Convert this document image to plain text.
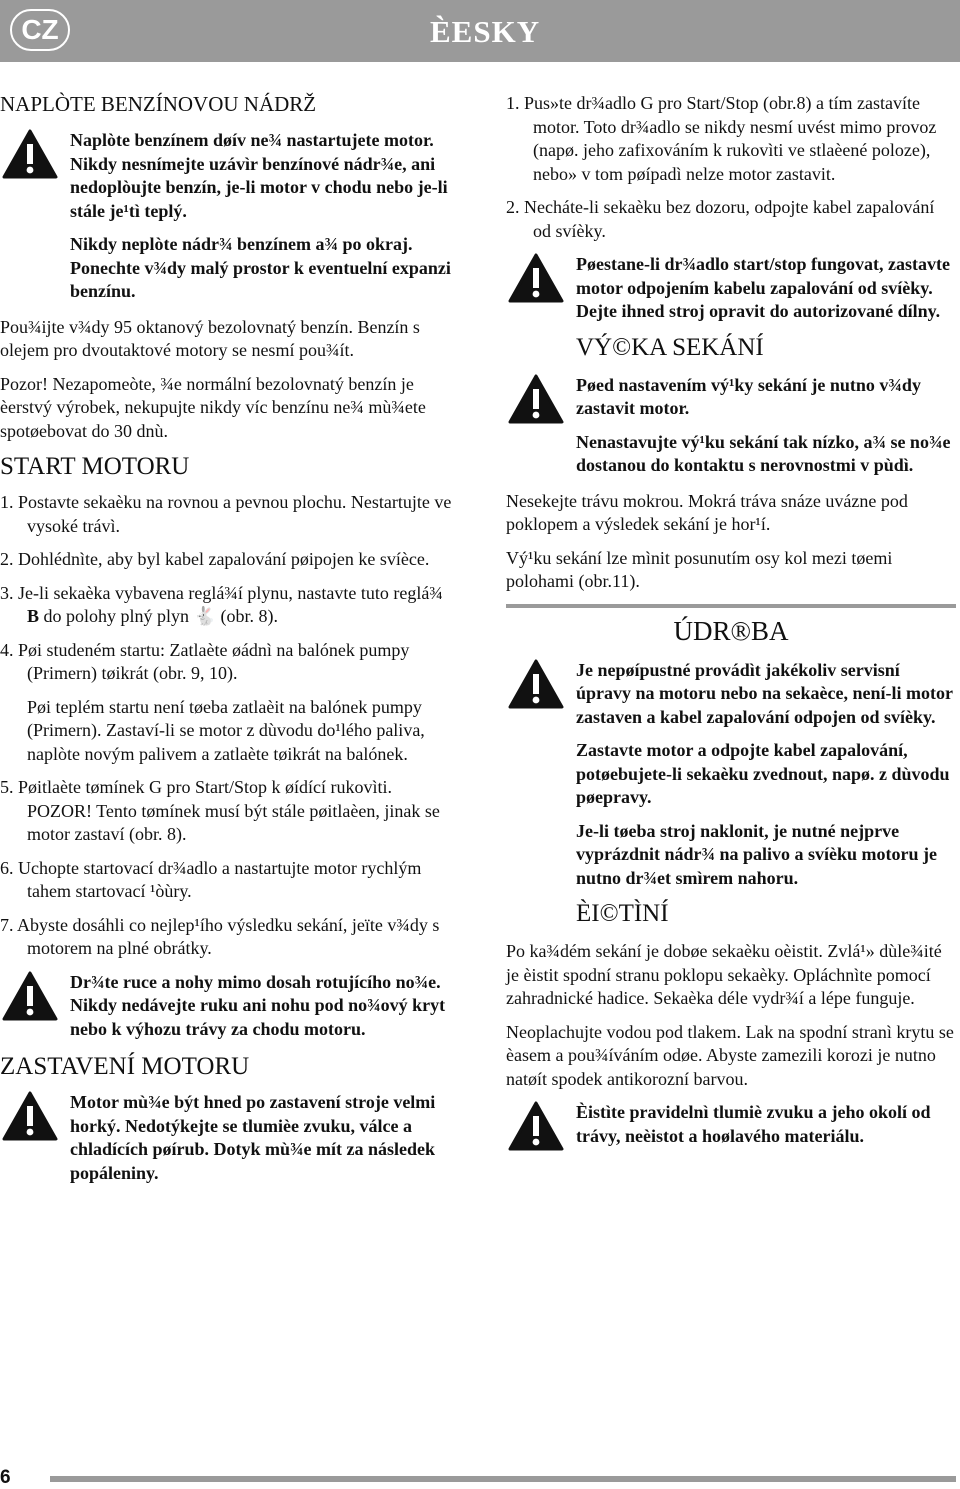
CZ	ÈESKY
NAPLÒTE BENZÍNOVOU NÁDRŽ

Naplòte benzínem døív ne¾ nastartujete motor. Nikdy nesnímejte uzávìr benzínové nádr¾e, ani nedoplòujte benzín, je-li motor v chodu nebo je-li stále je¹tì teplý.

Nikdy neplòte nádr¾ benzínem a¾ po okraj. Ponechte v¾dy malý prostor k eventuelní expanzi benzínu.

Pou¾ijte v¾dy 95 oktanový bezolovnatý benzín. Benzín s olejem pro dvoutaktové motory se nesmí pou¾ít.

Pozor! Nezapomeòte, ¾e normální bezolovnatý benzín je èerstvý výrobek, nekupujte nikdy víc benzínu ne¾ mù¾ete spotøebovat do 30 dnù.

START MOTORU

1. Postavte sekaèku na rovnou a pevnou plochu. Nestartujte ve vysoké trávì.

2. Dohlédnìte, aby byl kabel zapalování pøipojen ke svíèce.

3. Je-li sekaèka vybavena reglá¾í plynu, nastavte tuto reglá¾ B do polohy plný plyn 🐇 (obr. 8).

4. Pøi studeném startu: Zatlaète øádnì na balónek pumpy (Primern) tøikrát (obr. 9, 10).

Pøi teplém startu není tøeba zatlaèit na balónek pumpy (Primern). Zastaví-li se motor z dùvodu do¹lého paliva, naplòte novým palivem a zatlaète tøikrát na balónek.

5. Pøitlaète tømínek G pro Start/Stop k øídící rukovìti. POZOR! Tento tømínek musí být stále pøitlaèen, jinak se motor zastaví (obr. 8).

6. Uchopte startovací dr¾adlo a nastartujte motor rychlým tahem startovací ¹òùry.

7. Abyste dosáhli co nejlep¹ího výsledku sekání, jeïte v¾dy s motorem na plné obrátky.

Dr¾te ruce a nohy mimo dosah rotujícího no¾e. Nikdy nedávejte ruku ani nohu pod no¾ový kryt nebo k výhozu trávy za chodu motoru.

ZASTAVENÍ MOTORU

Motor mù¾e být hned po zastavení stroje velmi horký. Nedotýkejte se tlumièe zvuku, válce a chladících pøírub. Dotyk mù¾e mít za následek popáleniny.

1. Pus»te dr¾adlo G pro Start/Stop (obr.8) a tím zastavíte motor. Toto dr¾adlo se nikdy nesmí uvést mimo provoz (napø. jeho zafixováním k rukovìti ve stlaèené poloze), nebo» v tom pøípadì nelze motor zastavit.

2. Necháte-li sekaèku bez dozoru, odpojte kabel zapalování od svíèky.

Pøestane-li dr¾adlo start/stop fungovat, zastavte motor odpojením kabelu zapalování od svíèky. Dejte ihned stroj opravit do autorizované dílny.

VÝ©KA SEKÁNÍ

Pøed nastavením vý¹ky sekání je nutno v¾dy zastavit motor.

Nenastavujte vý¹ku sekání tak nízko, a¾ se no¾e dostanou do kontaktu s nerovnostmi v pùdì.

Nesekejte trávu mokrou. Mokrá tráva snáze uvázne pod poklopem a výsledek sekání je hor¹í.

Vý¹ku sekání lze mìnit posunutím osy kol mezi tøemi polohami (obr.11).

ÚDR®BA

Je nepøípustné provádìt jakékoliv servisní úpravy na motoru nebo na sekaèce, není-li motor zastaven a kabel zapalování odpojen od svíèky.

Zastavte motor a odpojte kabel zapalování, potøebujete-li sekaèku zvednout, napø. z dùvodu pøepravy.

Je-li tøeba stroj naklonit, je nutné nejprve vyprázdnit nádr¾ na palivo a svíèku motoru je nutno dr¾et smìrem nahoru.

ÈI©TÌNÍ

Po ka¾dém sekání je dobøe sekaèku oèistit. Zvlá¹» dùle¾ité je èistit spodní stranu poklopu sekaèky. Opláchnìte pomocí zahradnické hadice. Sekaèka déle vydr¾í a lépe funguje.

Neoplachujte vodou pod tlakem. Lak na spodní stranì krytu se èasem a pou¾íváním odøe. Abyste zamezili korozi je nutno natøít spodek antikorozní barvou.

Èistìte pravidelnì tlumiè zvuku a jeho okolí od trávy, neèistot a hoølavého materiálu.

6
